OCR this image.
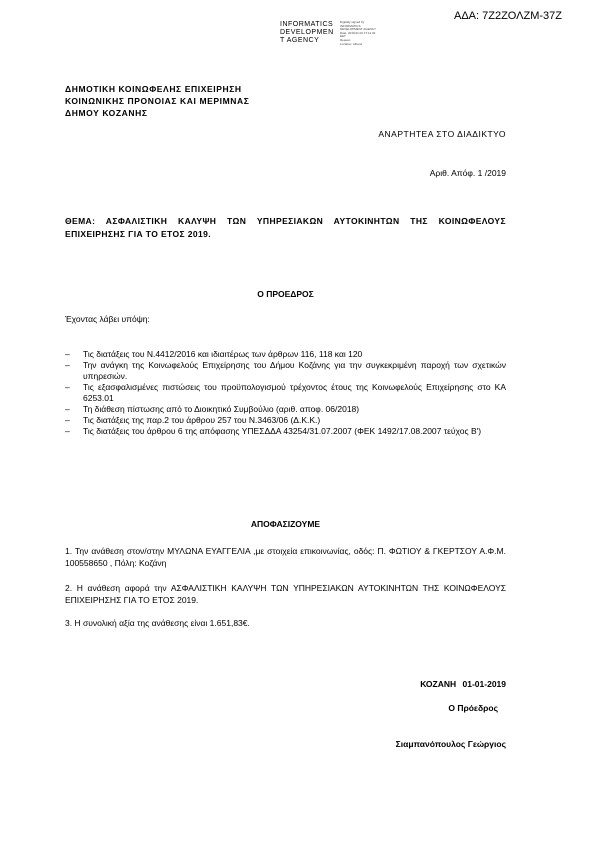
ΑΔΑ: 7Ζ2ΖΟΛΖΜ-37Ζ
INFORMATICS
DEVELOPMEN
T AGENCY
Digitally signed by
INFORMATICS
DEVELOPMENT AGENCY
Date: 2019.01.02 17:11:32
EET
Reason:
Location: Athens
ΔΗΜΟΤΙΚΗ ΚΟΙΝΩΦΕΛΗΣ ΕΠΙΧΕΙΡΗΣΗ
ΚΟΙΝΩΝΙΚΗΣ ΠΡΟΝΟΙΑΣ ΚΑΙ ΜΕΡΙΜΝΑΣ
ΔΗΜΟΥ ΚΟΖΑΝΗΣ
ΑΝΑΡΤΗΤΕΑ ΣΤΟ ΔΙΑΔΙΚΤΥΟ
Αριθ. Απόφ. 1 /2019
ΘΕΜΑ: ΑΣΦΑΛΙΣΤΙΚΗ ΚΑΛΥΨΗ ΤΩΝ ΥΠΗΡΕΣΙΑΚΩΝ ΑΥΤΟΚΙΝΗΤΩΝ ΤΗΣ ΚΟΙΝΩΦΕΛΟΥΣ ΕΠΙΧΕΙΡΗΣΗΣ ΓΙΑ ΤΟ ΕΤΟΣ 2019.
Ο ΠΡΟΕΔΡΟΣ
Έχοντας λάβει υπόψη:
– Τις διατάξεις του Ν.4412/2016 και ιδιαιτέρως των άρθρων 116, 118 και 120
– Την ανάγκη της Κοινωφελούς Επιχείρησης του Δήμου Κοζάνης για την συγκεκριμένη παροχή των σχετικών υπηρεσιών.
– Τις εξασφαλισμένες πιστώσεις του προϋπολογισμού τρέχοντος έτους της Κοινωφελούς Επιχείρησης στο ΚΑ 6253.01
– Τη διάθεση πίστωσης από το Διοικητικό Συμβούλιο (αριθ. αποφ. 06/2018)
– Τις διατάξεις της παρ.2 του άρθρου 257 του Ν.3463/06 (Δ.Κ.Κ.)
– Τις διατάξεις του άρθρου 6 της απόφασης ΥΠΕΣΔΔΑ 43254/31.07.2007 (ΦΕΚ 1492/17.08.2007 τεύχος Β')
ΑΠΟΦΑΣΙΖΟΥΜΕ
1. Την ανάθεση στον/στην ΜΥΛΩΝΑ ΕΥΑΓΓΕΛΙΑ ,με στοιχεία επικοινωνίας, οδός: Π. ΦΩΤΙΟΥ & ΓΚΕΡΤΣΟΥ Α.Φ.Μ. 100558650 , Πόλη: Κοζάνη
2. Η ανάθεση αφορά την ΑΣΦΑΛΙΣΤΙΚΗ ΚΑΛΥΨΗ ΤΩΝ ΥΠΗΡΕΣΙΑΚΩΝ ΑΥΤΟΚΙΝΗΤΩΝ ΤΗΣ ΚΟΙΝΩΦΕΛΟΥΣ ΕΠΙΧΕΙΡΗΣΗΣ ΓΙΑ ΤΟ ΕΤΟΣ 2019.
3. Η συνολική αξία της ανάθεσης είναι 1.651,83€.
ΚΟΖΑΝΗ 01-01-2019
Ο Πρόεδρος
Σιαμπανόπουλος Γεώργιος
